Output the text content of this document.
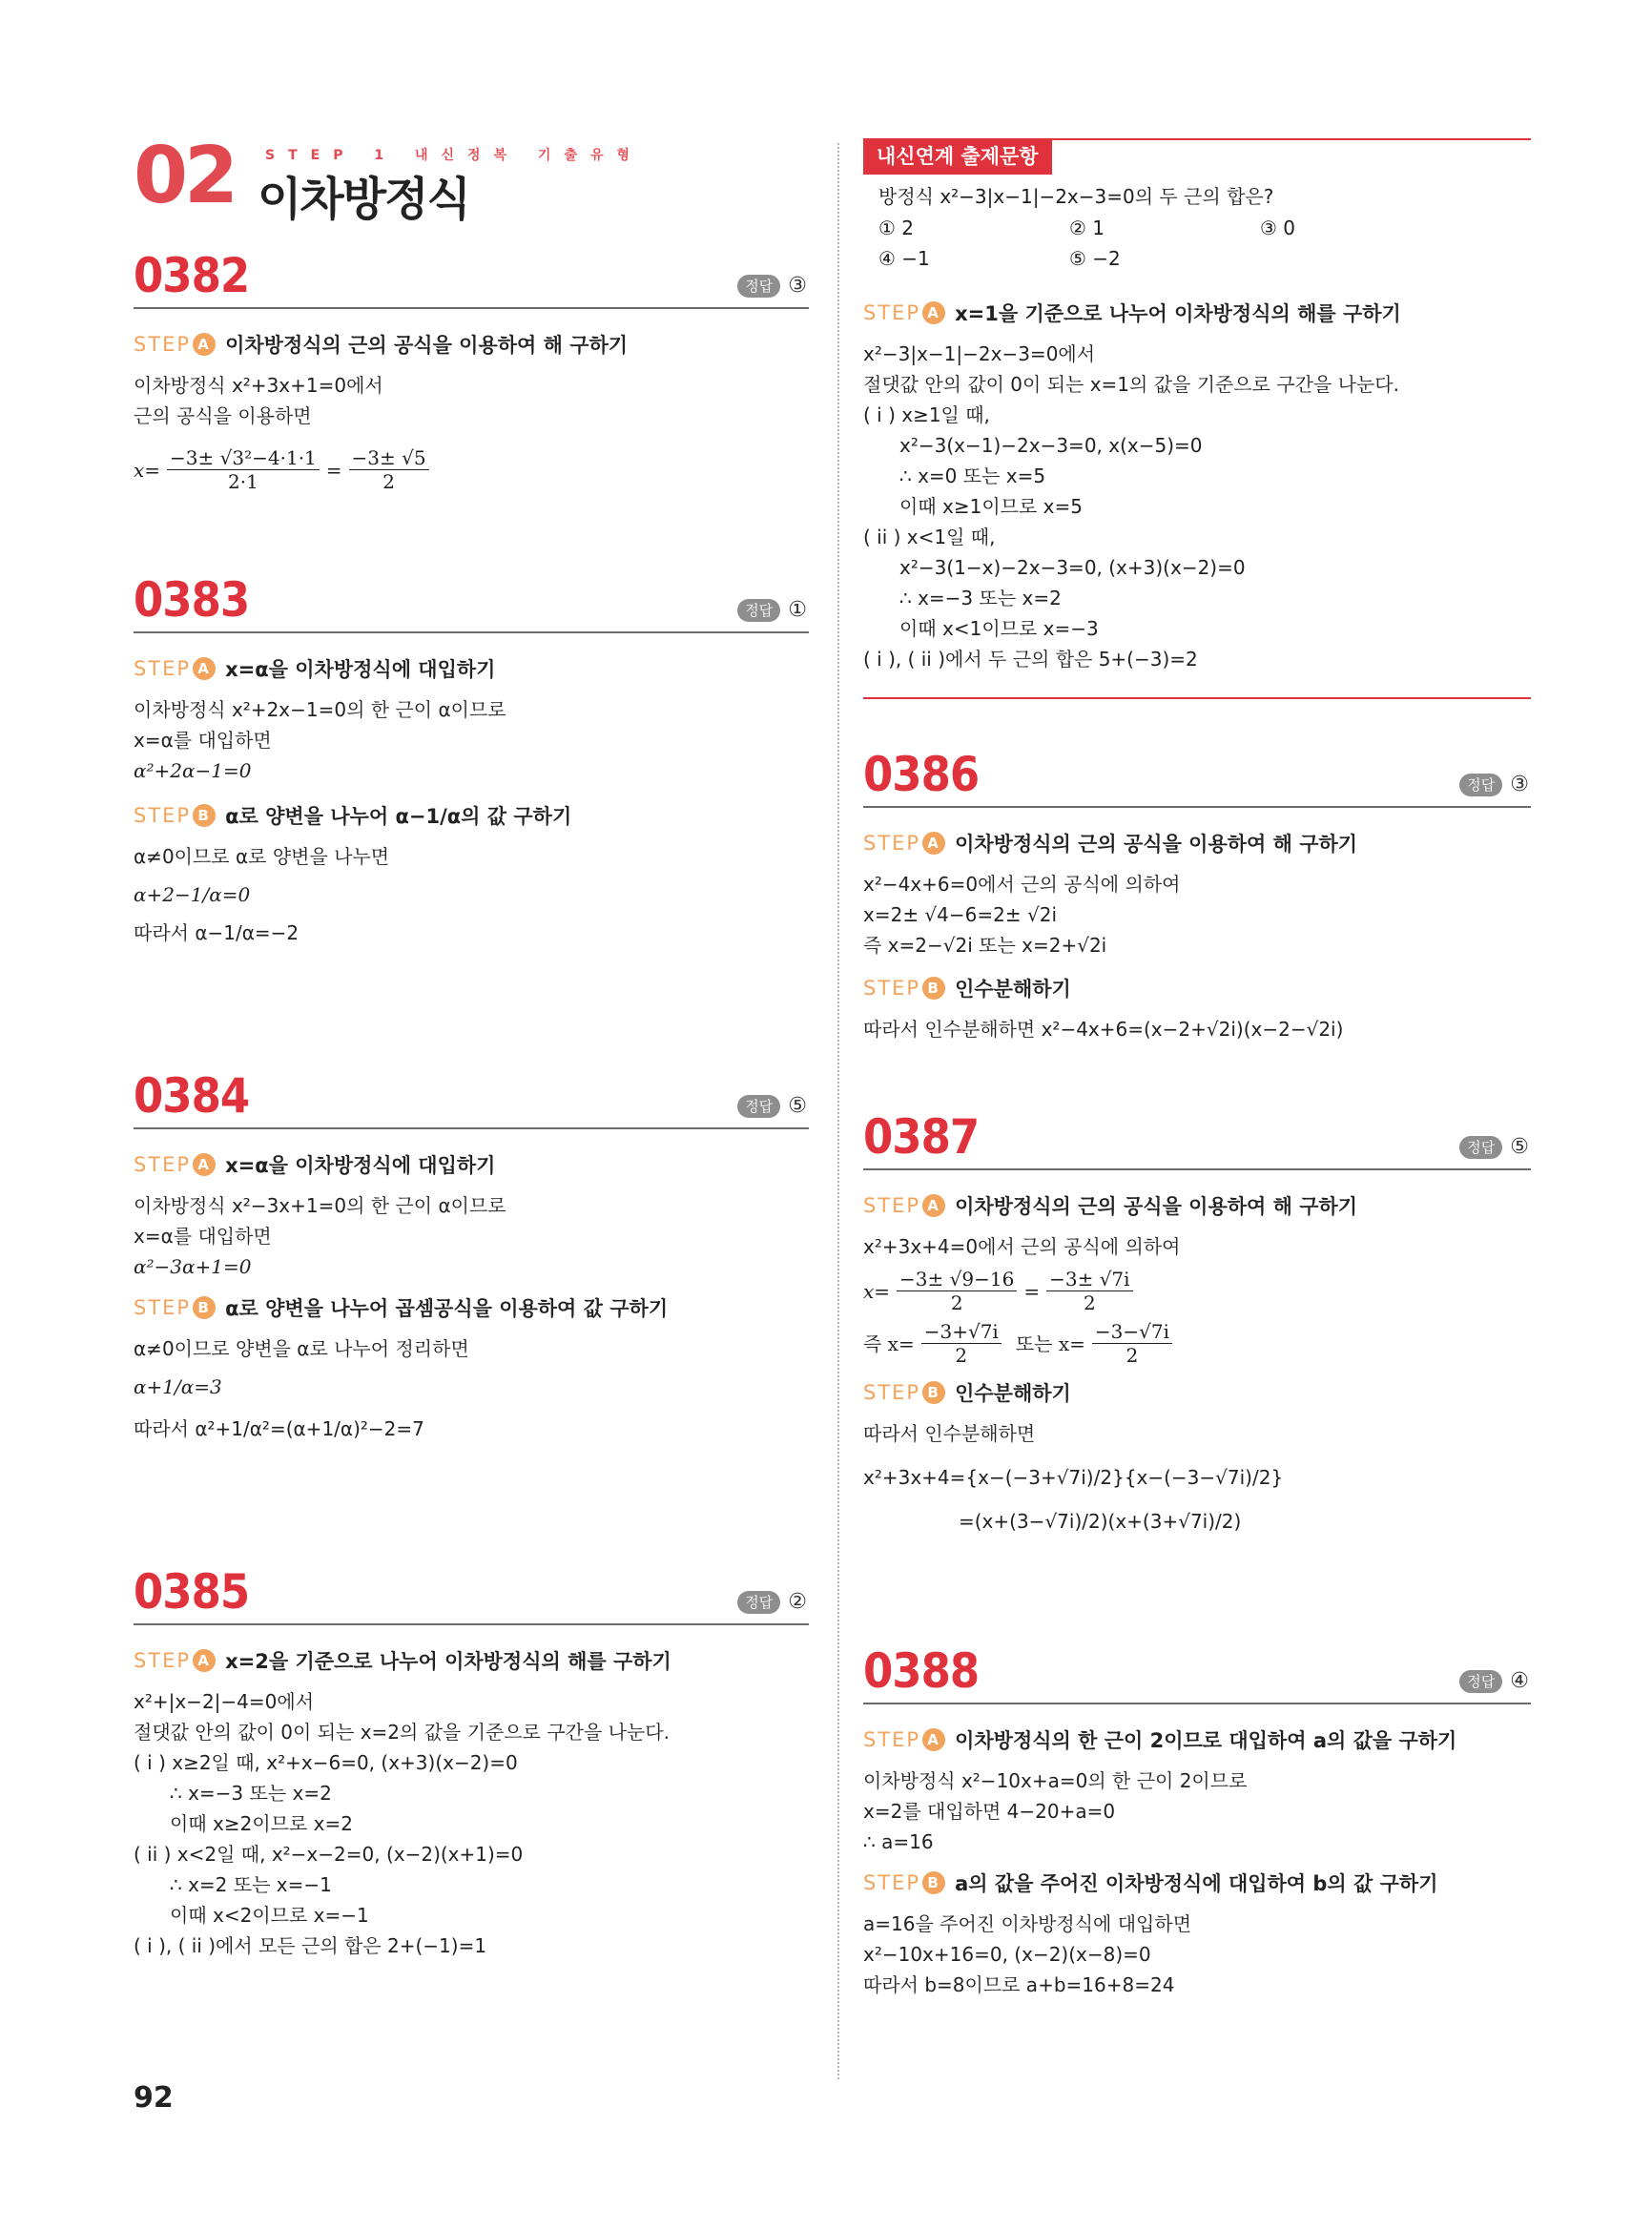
02 STEP 1 내신정복 기출유형
이차방정식
0382	정답 ③
STEP A 이차방정식의 근의 공식을 이용하여 해 구하기
이차방정식 x²+3x+1=0에서
근의 공식을 이용하면
$x= \frac{\text{−3± √3²−4·1·1}}{2\cdot 1} = \frac{-3\pm √5}{2}$
0383	정답 ①
STEP A x=α을 이차방정식에 대입하기
이차방정식 x²+2x−1=0의 한 근이 α이므로
x=α를 대입하면
α²+2α−1=0
STEP B α로 양변을 나누어 α−1/α의 값 구하기
α≠0이므로 α로 양변을 나누면
α+2−1/α=0
따라서 α−1/α=−2
0384	정답 ⑤
STEP A x=α을 이차방정식에 대입하기
이차방정식 x²−3x+1=0의 한 근이 α이므로
x=α를 대입하면
α²−3α+1=0
STEP B α로 양변을 나누어 곱셈공식을 이용하여 값 구하기
α≠0이므로 양변을 α로 나누어 정리하면
α+1/α=3
따라서 α²+1/α²=(α+1/α)²−2=7
0385	정답 ②
STEP A x=2을 기준으로 나누어 이차방정식의 해를 구하기
x²+|x−2|−4=0에서
절댓값 안의 값이 0이 되는 x=2의 값을 기준으로 구간을 나눈다.
( i ) x≥2일 때, x²+x−6=0, (x+3)(x−2)=0
∴ x=−3 또는 x=2
이때 x≥2이므로 x=2
( ii ) x<2일 때, x²−x−2=0, (x−2)(x+1)=0
∴ x=2 또는 x=−1
이때 x<2이므로 x=−1
( i ), ( ii )에서 모든 근의 합은 2+(−1)=1
내신연계 출제문항
방정식 x²−3|x−1|−2x−3=0의 두 근의 합은?
① 2	② 1	③ 0
④ −1	⑤ −2
STEP A x=1을 기준으로 나누어 이차방정식의 해를 구하기
x²−3|x−1|−2x−3=0에서
절댓값 안의 값이 0이 되는 x=1의 값을 기준으로 구간을 나눈다.
( i ) x≥1일 때,
x²−3(x−1)−2x−3=0, x(x−5)=0
∴ x=0 또는 x=5
이때 x≥1이므로 x=5
( ii ) x<1일 때,
x²−3(1−x)−2x−3=0, (x+3)(x−2)=0
∴ x=−3 또는 x=2
이때 x<1이므로 x=−3
( i ), ( ii )에서 두 근의 합은 5+(−3)=2
0386	정답 ③
STEP A 이차방정식의 근의 공식을 이용하여 해 구하기
x²−4x+6=0에서 근의 공식에 의하여
x=2± √4−6=2± √2i
즉 x=2−√2i 또는 x=2+√2i
STEP B 인수분해하기
따라서 인수분해하면 x²−4x+6=(x−2+√2i)(x−2−√2i)
0387	정답 ⑤
STEP A 이차방정식의 근의 공식을 이용하여 해 구하기
x²+3x+4=0에서 근의 공식에 의하여
$x= \frac{-3\pm √9-16}{2} = \frac{-3\pm √7i}{2}$
즉 $x= \frac{-3+√7i}{2}$ 또는 $x= \frac{-3-√7i}{2}$
STEP B 인수분해하기
따라서 인수분해하면
x²+3x+4={x−(−3+√7i)/2}{x−(−3−√7i)/2}
=(x+(3−√7i)/2)(x+(3+√7i)/2)
0388	정답 ④
STEP A 이차방정식의 한 근이 2이므로 대입하여 a의 값을 구하기
이차방정식 x²−10x+a=0의 한 근이 2이므로
x=2를 대입하면 4−20+a=0
∴ a=16
STEP B a의 값을 주어진 이차방정식에 대입하여 b의 값 구하기
a=16을 주어진 이차방정식에 대입하면
x²−10x+16=0, (x−2)(x−8)=0
따라서 b=8이므로 a+b=16+8=24
92
